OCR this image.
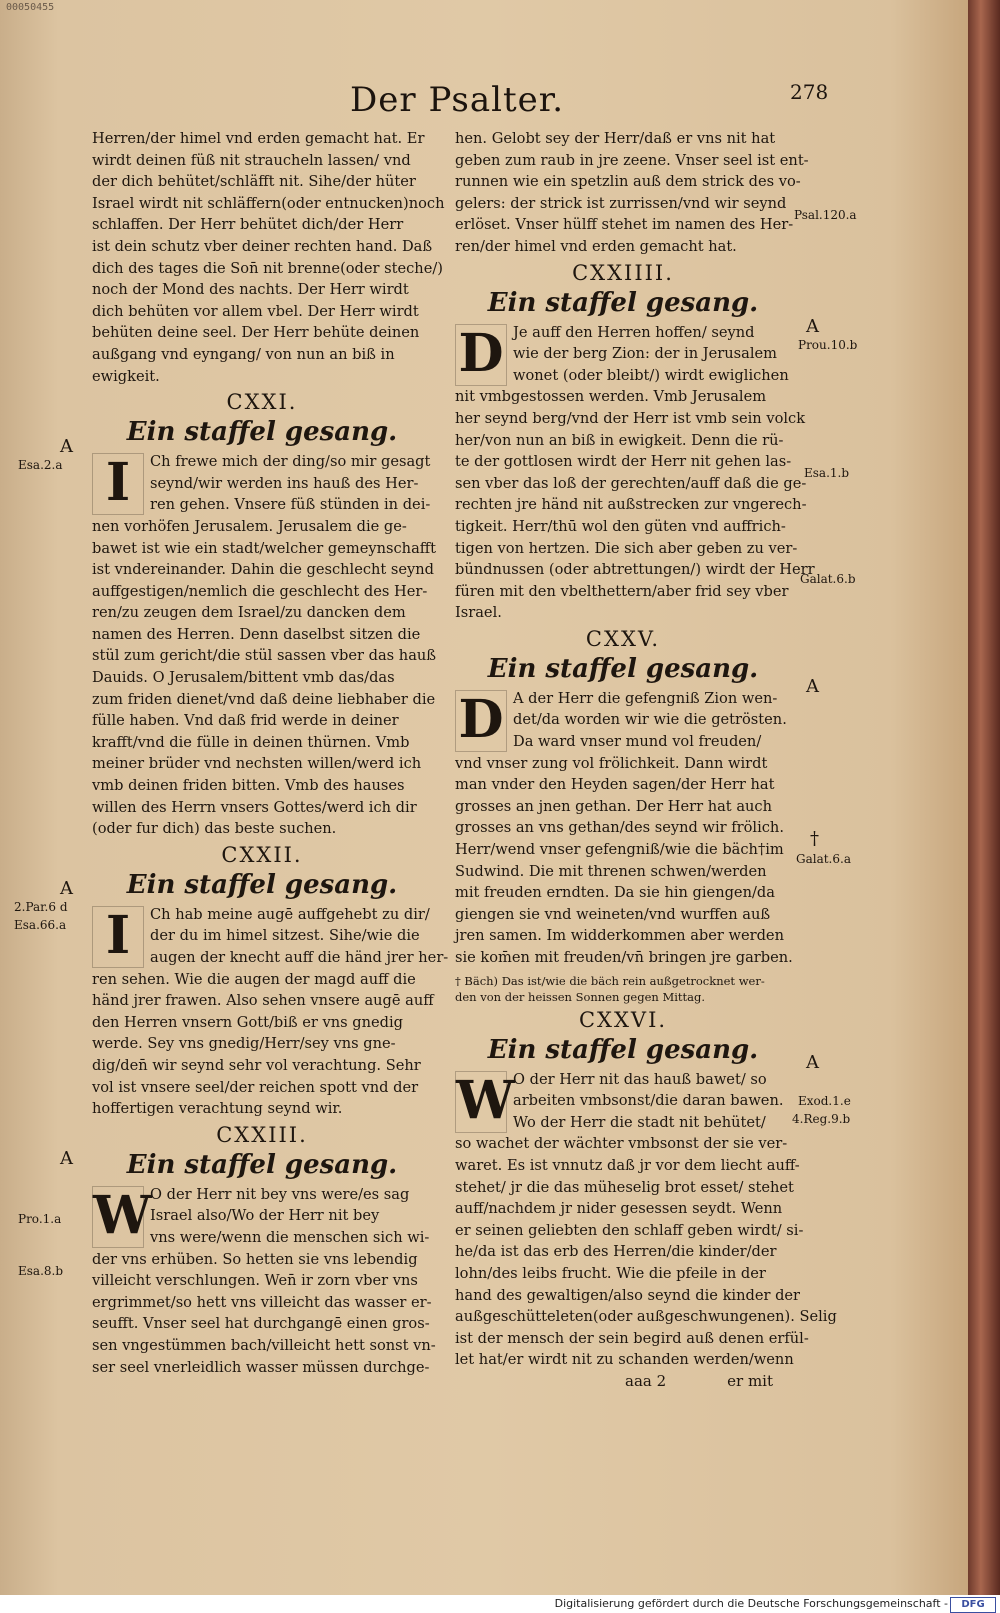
00050455
Der Psalter.	278
Herren/der himel vnd erden gemacht hat. Er
wirdt deinen füß nit straucheln lassen/ vnd
der dich behütet/schläfft nit. Sihe/der hüter
Israel wirdt nit schläffern(oder entnucken)noch
schlaffen. Der Herr behütet dich/der Herr
ist dein schutz vber deiner rechten hand. Daß
dich des tages die Son̄ nit brenne(oder steche/)
noch der Mond des nachts. Der Herr wirdt
dich behüten vor allem vbel. Der Herr wirdt
behüten deine seel. Der Herr behüte deinen
außgang vnd eyngang/ von nun an biß in
ewigkeit.
CXXI.
Ein staffel gesang.
I	Ch frewe mich der ding/so mir gesagt
seynd/wir werden ins hauß des Her-
ren gehen. Vnsere füß stünden in dei-
nen vorhöfen Jerusalem. Jerusalem die ge-
bawet ist wie ein stadt/welcher gemeynschafft
ist vndereinander. Dahin die geschlecht seynd
auffgestigen/nemlich die geschlecht des Her-
ren/zu zeugen dem Israel/zu dancken dem
namen des Herren. Denn daselbst sitzen die
stül zum gericht/die stül sassen vber das hauß
Dauids. O Jerusalem/bittent vmb das/das
zum friden dienet/vnd daß deine liebhaber die
fülle haben. Vnd daß frid werde in deiner
krafft/vnd die fülle in deinen thürnen. Vmb
meiner brüder vnd nechsten willen/werd ich
vmb deinen friden bitten. Vmb des hauses
willen des Herrn vnsers Gottes/werd ich dir
(oder fur dich) das beste suchen.
CXXII.
Ein staffel gesang.
I	Ch hab meine augē auffgehebt zu dir/
der du im himel sitzest. Sihe/wie die
augen der knecht auff die händ jrer her-
ren sehen. Wie die augen der magd auff die
händ jrer frawen. Also sehen vnsere augē auff
den Herren vnsern Gott/biß er vns gnedig
werde. Sey vns gnedig/Herr/sey vns gne-
dig/den̄ wir seynd sehr vol verachtung. Sehr
vol ist vnsere seel/der reichen spott vnd der
hoffertigen verachtung seynd wir.
CXXIII.
Ein staffel gesang.
W
O der Herr nit bey vns were/es sag
Israel also/Wo der Herr nit bey
vns were/wenn die menschen sich wi-
der vns erhüben. So hetten sie vns lebendig
villeicht verschlungen. Wen̄ ir zorn vber vns
ergrimmet/so hett vns villeicht das wasser er-
seufft. Vnser seel hat durchgangē einen gros-
sen vngestümmen bach/villeicht hett sonst vn-
ser seel vnerleidlich wasser müssen durchge-
hen. Gelobt sey der Herr/daß er vns nit hat
geben zum raub in jre zeene. Vnser seel ist ent-
runnen wie ein spetzlin auß dem strick des vo-
gelers: der strick ist zurrissen/vnd wir seynd
erlöset. Vnser hülff stehet im namen des Her-
ren/der himel vnd erden gemacht hat.
CXXIIII.
Ein staffel gesang.
D Je auff den Herren hoffen/ seynd
wie der berg Zion: der in Jerusalem
wonet (oder bleibt/) wirdt ewiglichen
nit vmbgestossen werden. Vmb Jerusalem
her seynd berg/vnd der Herr ist vmb sein volck
her/von nun an biß in ewigkeit. Denn die rü-
te der gottlosen wirdt der Herr nit gehen las-
sen vber das loß der gerechten/auff daß die ge-
rechten jre händ nit außstrecken zur vngerech-
tigkeit. Herr/thū wol den güten vnd auffrich-
tigen von hertzen. Die sich aber geben zu ver-
bündnussen (oder abtrettungen/) wirdt der Herr
füren mit den vbelthettern/aber frid sey vber
Israel.
CXXV.
Ein staffel gesang.
D A der Herr die gefengniß Zion wen-
det/da worden wir wie die getrösten.
Da ward vnser mund vol freuden/
vnd vnser zung vol frölichkeit. Dann wirdt
man vnder den Heyden sagen/der Herr hat
grosses an jnen gethan. Der Herr hat auch
grosses an vns gethan/des seynd wir frölich.
Herr/wend vnser gefengniß/wie die bäch†im
Sudwind. Die mit threnen schwen/werden
mit freuden erndten. Da sie hin giengen/da
giengen sie vnd weineten/vnd wurffen auß
jren samen. Im widderkommen aber werden
sie kom̄en mit freuden/vn̄ bringen jre garben.
† Bäch) Das ist/wie die bäch rein außgetrocknet wer-
den von der heissen Sonnen gegen Mittag.
CXXVI.
Ein staffel gesang.
W
O der Herr nit das hauß bawet/ so
arbeiten vmbsonst/die daran bawen.
Wo der Herr die stadt nit behütet/
so wachet der wächter vmbsonst der sie ver-
waret. Es ist vnnutz daß jr vor dem liecht auff-
stehet/ jr die das müheselig brot esset/ stehet
auff/nachdem jr nider gesessen seydt. Wenn
er seinen geliebten den schlaff geben wirdt/ si-
he/da ist das erb des Herren/die kinder/der
lohn/des leibs frucht. Wie die pfeile in der
hand des gewaltigen/also seynd die kinder der
außgeschütteleten(oder außgeschwungenen). Selig
ist der mensch der sein begird auß denen erfül-
let hat/er wirdt nit zu schanden werden/wenn
aaa 2	er mit
A
Esa.2.a
A
2.Par.6 d
Esa.66.a
A
Pro.1.a
Esa.8.b
Psal.120.a
A
Prou.10.b
Esa.1.b
Galat.6.b
A
†
Galat.6.a
A
Exod.1.e
4.Reg.9.b
Digitalisierung gefördert durch die Deutsche Forschungsgemeinschaft -	DFG
